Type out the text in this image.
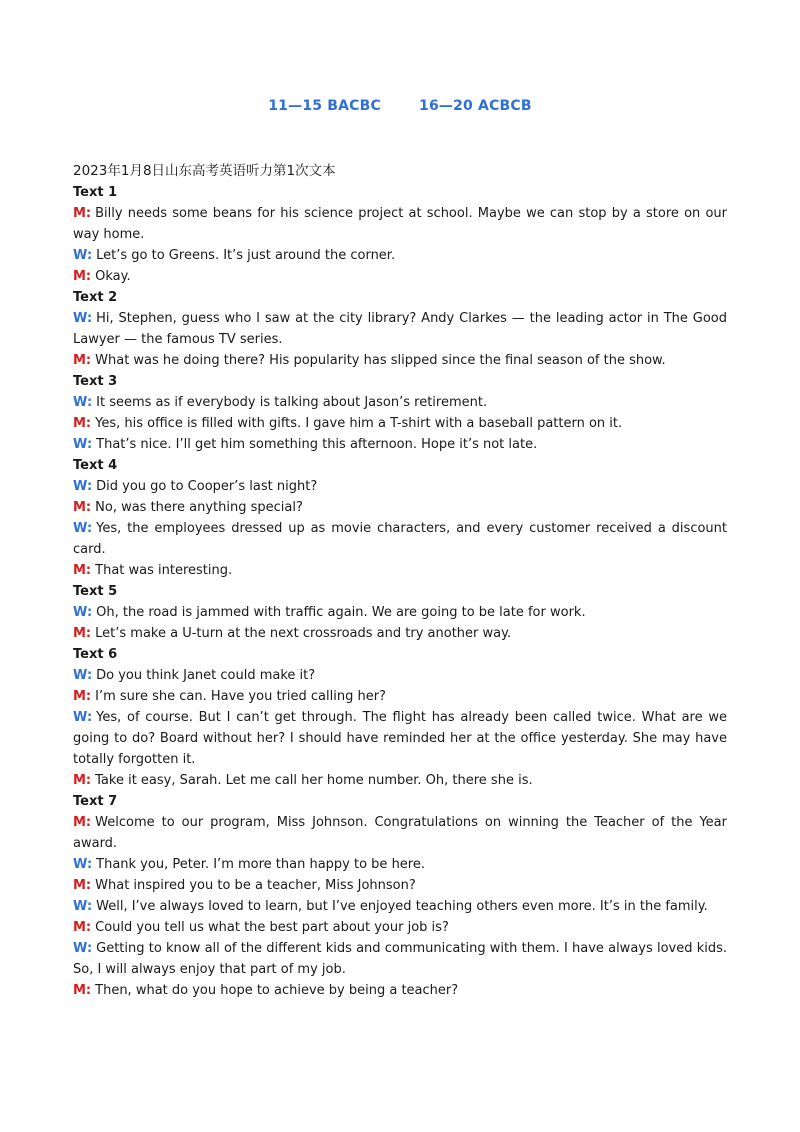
11—15 BACBC	16—20 ACBCB
2023年1月8日山东高考英语听力第1次文本
Text 1
M: Billy needs some beans for his science project at school. Maybe we can stop by a store on our way home.
W: Let’s go to Greens. It’s just around the corner.
M: Okay.
Text 2
W: Hi, Stephen, guess who I saw at the city library? Andy Clarkes — the leading actor in The Good Lawyer — the famous TV series.
M: What was he doing there? His popularity has slipped since the final season of the show.
Text 3
W: It seems as if everybody is talking about Jason’s retirement.
M: Yes, his office is filled with gifts. I gave him a T-shirt with a baseball pattern on it.
W: That’s nice. I’ll get him something this afternoon. Hope it’s not late.
Text 4
W: Did you go to Cooper’s last night?
M: No, was there anything special?
W: Yes, the employees dressed up as movie characters, and every customer received a discount card.
M: That was interesting.
Text 5
W: Oh, the road is jammed with traffic again. We are going to be late for work.
M: Let’s make a U-turn at the next crossroads and try another way.
Text 6
W: Do you think Janet could make it?
M: I’m sure she can. Have you tried calling her?
W: Yes, of course. But I can’t get through. The flight has already been called twice. What are we going to do? Board without her? I should have reminded her at the office yesterday. She may have totally forgotten it.
M: Take it easy, Sarah. Let me call her home number. Oh, there she is.
Text 7
M: Welcome to our program, Miss Johnson. Congratulations on winning the Teacher of the Year award.
W: Thank you, Peter. I’m more than happy to be here.
M: What inspired you to be a teacher, Miss Johnson?
W: Well, I’ve always loved to learn, but I’ve enjoyed teaching others even more. It’s in the family.
M: Could you tell us what the best part about your job is?
W: Getting to know all of the different kids and communicating with them. I have always loved kids. So, I will always enjoy that part of my job.
M: Then, what do you hope to achieve by being a teacher?
